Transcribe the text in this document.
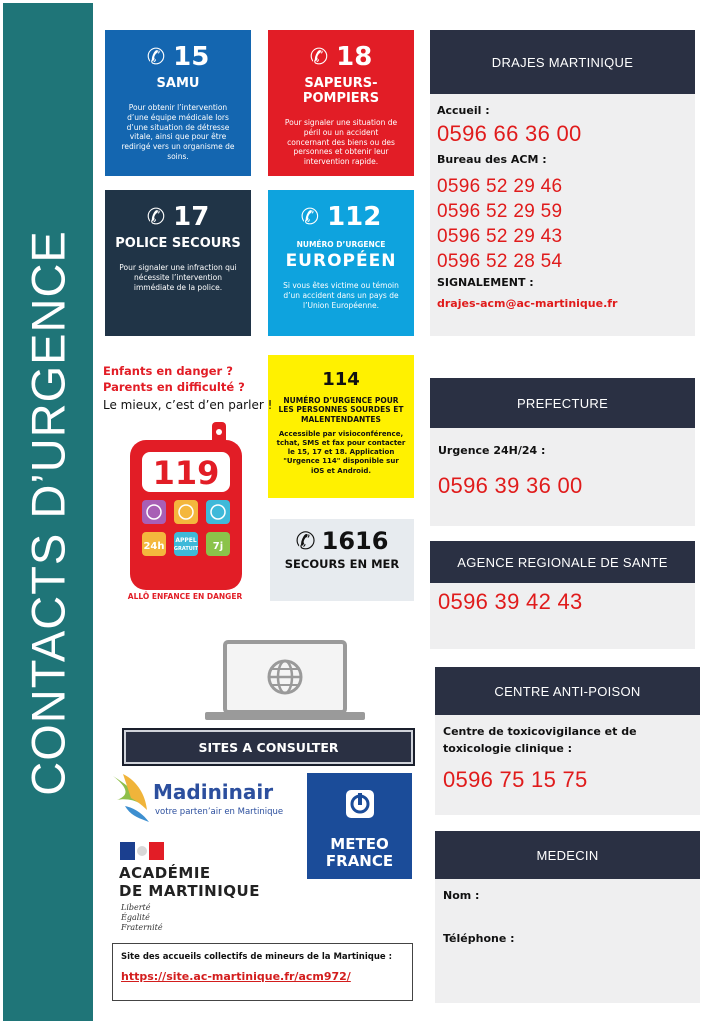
CONTACTS D’URGENCE
✆ 15
SAMU
Pour obtenir l’intervention d’une équipe médicale lors d’une situation de détresse vitale, ainsi que pour être redirigé vers un organisme de soins.
✆ 18
SAPEURS-POMPIERS
Pour signaler une situation de péril ou un accident concernant des biens ou des personnes et obtenir leur intervention rapide.
✆ 17
POLICE SECOURS
Pour signaler une infraction qui nécessite l’intervention immédiate de la police.
✆ 112
NUMÉRO D’URGENCE
EUROPÉEN
Si vous êtes victime ou témoin d’un accident dans un pays de l’Union Européenne.
114
NUMÉRO D’URGENCE POUR LES PERSONNES SOURDES ET MALENTENDANTES
Accessible par visioconférence, tchat, SMS et fax pour contacter le 15, 17 et 18. Application "Urgence 114" disponible sur iOS et Android.
✆ 1616
SECOURS EN MER
Enfants en danger ?
Parents en difficulté ?
Le mieux, c’est d’en parler !
119
24h
APPEL
GRATUIT 7j
ALLÔ ENFANCE EN DANGER
SITES A CONSULTER
Madininair
votre parten’air en Martinique
METEO
FRANCE
ACADÉMIE
DE MARTINIQUE
Liberté
Égalité
Fraternité
Site des accueils collectifs de mineurs de la Martinique :
https://site.ac-martinique.fr/acm972/
DRAJES MARTINIQUE
Accueil :
0596 66 36 00
Bureau des ACM :
0596 52 29 46
0596 52 29 59
0596 52 29 43
0596 52 28 54
SIGNALEMENT :
drajes-acm@ac-martinique.fr
PREFECTURE
Urgence 24H/24 :
0596 39 36 00
AGENCE REGIONALE DE SANTE
0596 39 42 43
CENTRE ANTI-POISON
Centre de toxicovigilance et de toxicologie clinique :
0596 75 15 75
MEDECIN
Nom :
Téléphone :
